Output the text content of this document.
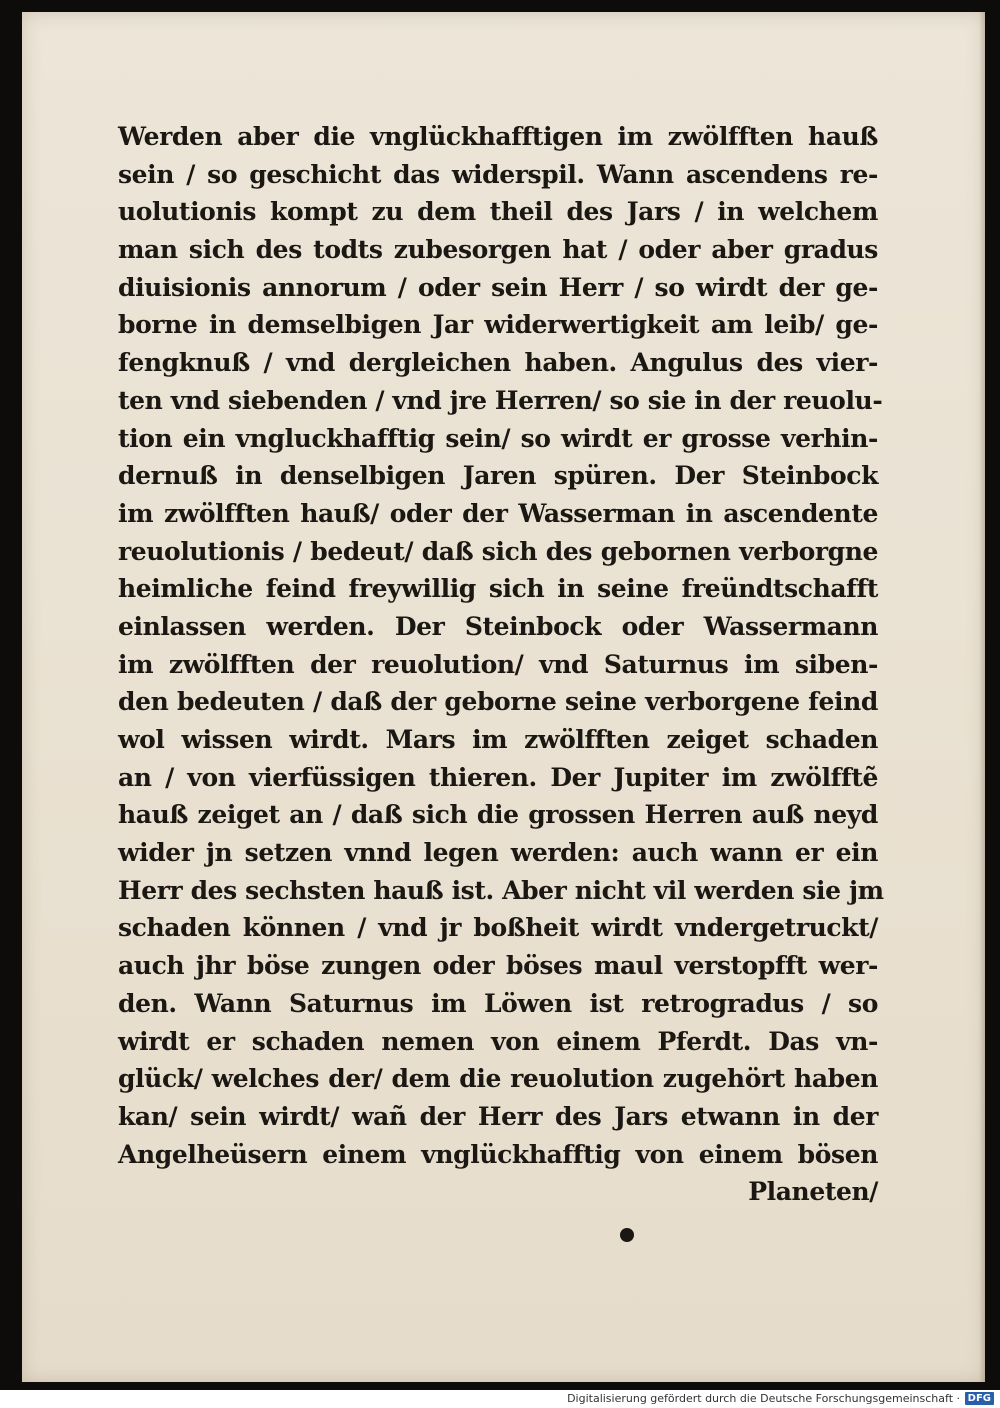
Werden aber die vnglückhafftigen im zwölfften hauß
sein / so geschicht das widerspil. Wann ascendens re-
uolutionis kompt zu dem theil des Jars / in welchem
man sich des todts zubesorgen hat / oder aber gradus
diuisionis annorum / oder sein Herr / so wirdt der ge-
borne in demselbigen Jar widerwertigkeit am leib/ ge-
fengknuß / vnd dergleichen haben. Angulus des vier-
ten vnd siebenden / vnd jre Herren/ so sie in der reuolu-
tion ein vngluckhafftig sein/ so wirdt er grosse verhin-
dernuß in denselbigen Jaren spüren. Der Steinbock
im zwölfften hauß/ oder der Wasserman in ascendente
reuolutionis / bedeut/ daß sich des gebornen verborgne
heimliche feind freywillig sich in seine freündtschafft
einlassen werden. Der Steinbock oder Wassermann
im zwölfften der reuolution/ vnd Saturnus im siben-
den bedeuten / daß der geborne seine verborgene feind
wol wissen wirdt. Mars im zwölfften zeiget schaden
an / von vierfüssigen thieren. Der Jupiter im zwölfftẽ
hauß zeiget an / daß sich die grossen Herren auß neyd
wider jn setzen vnnd legen werden: auch wann er ein
Herr des sechsten hauß ist. Aber nicht vil werden sie jm
schaden können / vnd jr boßheit wirdt vndergetruckt/
auch jhr böse zungen oder böses maul verstopfft wer-
den. Wann Saturnus im Löwen ist retrogradus / so
wirdt er schaden nemen von einem Pferdt. Das vn-
glück/ welches der/ dem die reuolution zugehört haben
kan/ sein wirdt/ wañ der Herr des Jars etwann in der
Angelheüsern einem vnglückhafftig von einem bösen
Planeten/
Digitalisierung gefördert durch die Deutsche Forschungsgemeinschaft · DFG
